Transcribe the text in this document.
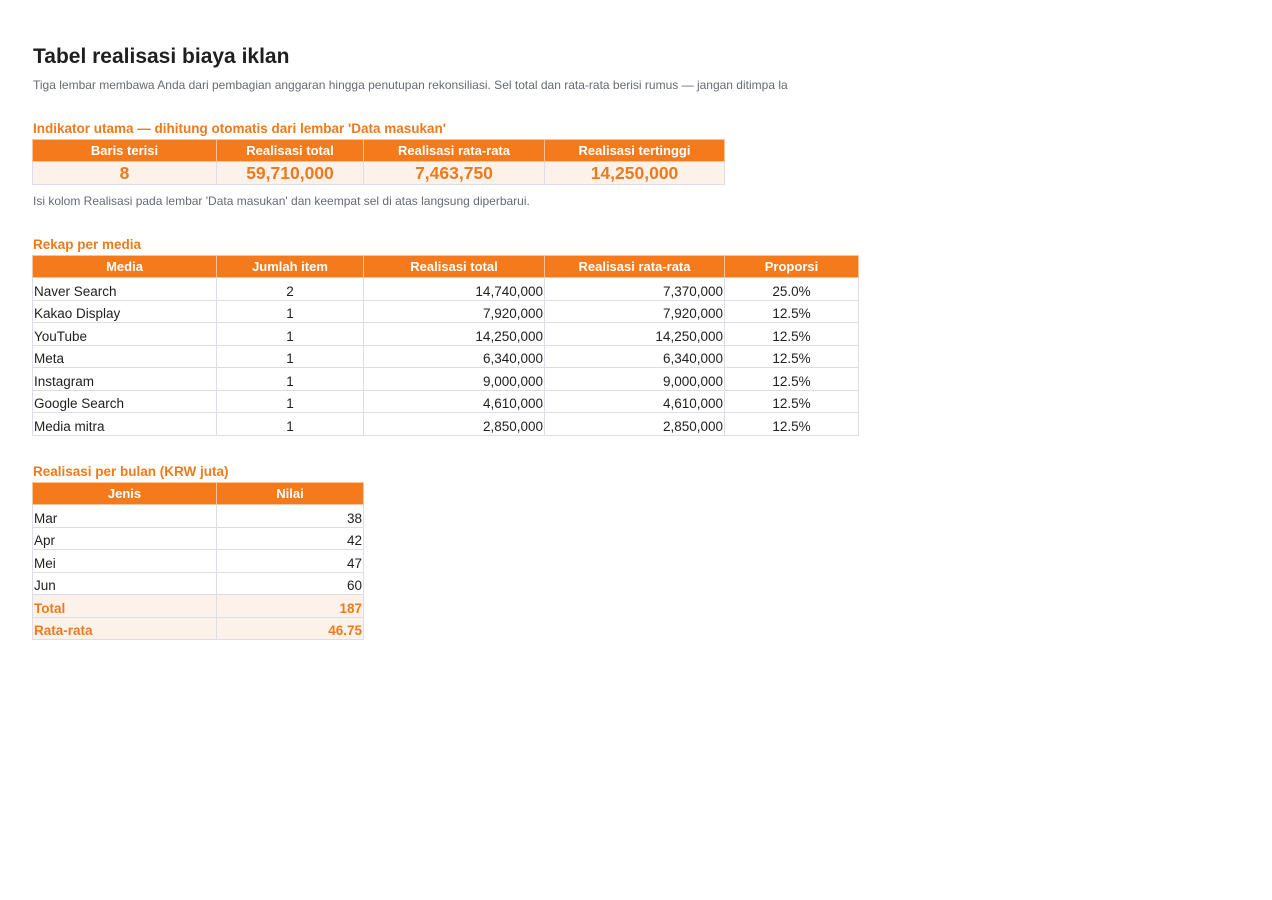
Tabel realisasi biaya iklan
Tiga lembar membawa Anda dari pembagian anggaran hingga penutupan rekonsiliasi. Sel total dan rata-rata berisi rumus — jangan ditimpa la
Indikator utama — dihitung otomatis dari lembar 'Data masukan'
Baris terisi	Realisasi total	Realisasi rata-rata	Realisasi tertinggi
8	59,710,000	7,463,750	14,250,000
Isi kolom Realisasi pada lembar 'Data masukan' dan keempat sel di atas langsung diperbarui.
Rekap per media
Media	Jumlah item	Realisasi total	Realisasi rata-rata	Proporsi
Naver Search	2	14,740,000	7,370,000	25.0%
Kakao Display	1	7,920,000	7,920,000	12.5%
YouTube	1	14,250,000	14,250,000	12.5%
Meta	1	6,340,000	6,340,000	12.5%
Instagram	1	9,000,000	9,000,000	12.5%
Google Search	1	4,610,000	4,610,000	12.5%
Media mitra	1	2,850,000	2,850,000	12.5%
Realisasi per bulan (KRW juta)
Jenis	Nilai
Mar	38
Apr	42
Mei	47
Jun	60
Total	187
Rata-rata	46.75
